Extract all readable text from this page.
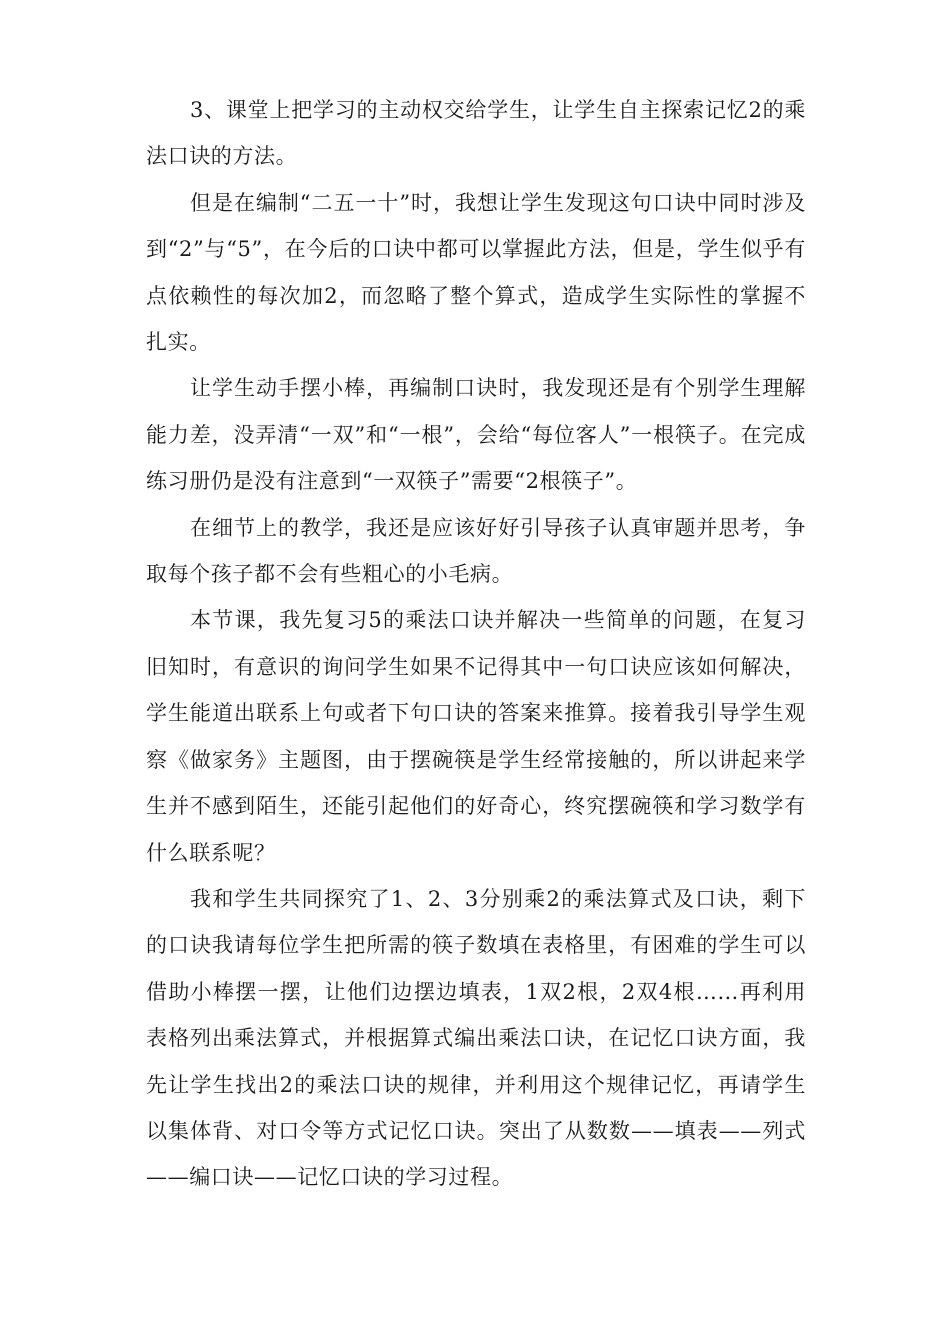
3、课堂上把学习的主动权交给学生，让学生自主探索记忆2的乘法口诀的方法。

但是在编制“二五一十”时，我想让学生发现这句口诀中同时涉及到“2”与“5”，在今后的口诀中都可以掌握此方法，但是，学生似乎有点依赖性的每次加2，而忽略了整个算式，造成学生实际性的掌握不扎实。

让学生动手摆小棒，再编制口诀时，我发现还是有个别学生理解能力差，没弄清“一双”和“一根”，会给“每位客人”一根筷子。在完成练习册仍是没有注意到“一双筷子”需要“2根筷子”。

在细节上的教学，我还是应该好好引导孩子认真审题并思考，争取每个孩子都不会有些粗心的小毛病。

本节课，我先复习5的乘法口诀并解决一些简单的问题，在复习旧知时，有意识的询问学生如果不记得其中一句口诀应该如何解决，学生能道出联系上句或者下句口诀的答案来推算。接着我引导学生观察《做家务》主题图，由于摆碗筷是学生经常接触的，所以讲起来学生并不感到陌生，还能引起他们的好奇心，终究摆碗筷和学习数学有什么联系呢？

我和学生共同探究了1、2、3分别乘2的乘法算式及口诀，剩下的口诀我请每位学生把所需的筷子数填在表格里，有困难的学生可以借助小棒摆一摆，让他们边摆边填表，1双2根，2双4根……再利用表格列出乘法算式，并根据算式编出乘法口诀，在记忆口诀方面，我先让学生找出2的乘法口诀的规律，并利用这个规律记忆，再请学生以集体背、对口令等方式记忆口诀。突出了从数数——填表——列式——编口诀——记忆口诀的学习过程。
